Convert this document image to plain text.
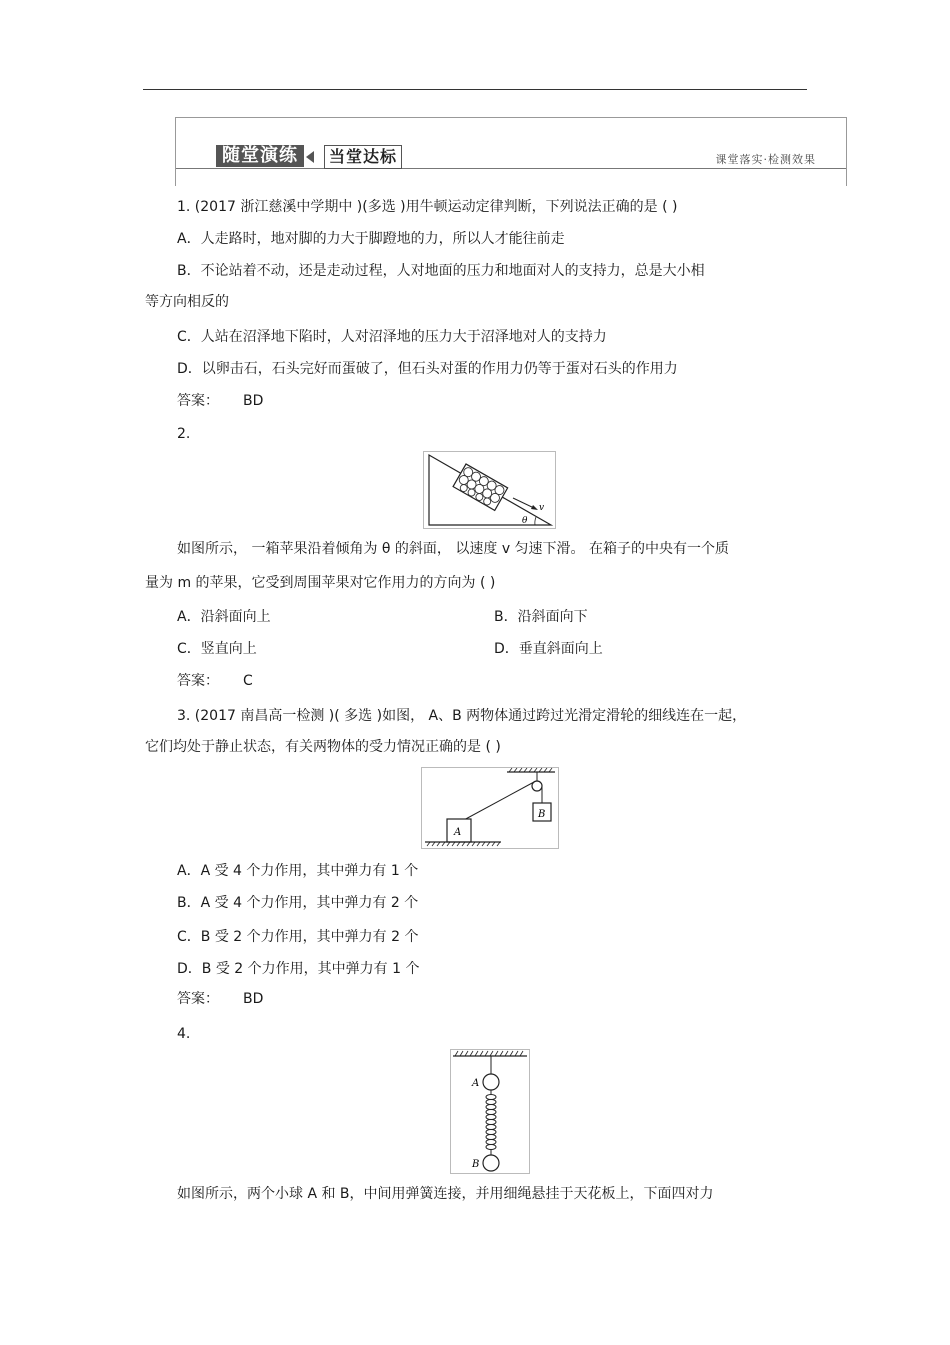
随堂演练	当堂达标	课堂落实·检测效果
1. (2017 浙江慈溪中学期中 )(多选 )用牛顿运动定律判断，下列说法正确的是 ( )
A．人走路时，地对脚的力大于脚蹬地的力，所以人才能往前走
B．不论站着不动，还是走动过程，人对地面的压力和地面对人的支持力，总是大小相
等方向相反的
C．人站在沼泽地下陷时，人对沼泽地的压力大于沼泽地对人的支持力
D．以卵击石，石头完好而蛋破了，但石头对蛋的作用力仍等于蛋对石头的作用力
答案： BD
2.
v
θ
如图所示， 一箱苹果沿着倾角为 θ 的斜面， 以速度 v 匀速下滑。 在箱子的中央有一个质
量为 m 的苹果，它受到周围苹果对它作用力的方向为 ( )
A．沿斜面向上	B．沿斜面向下
C．竖直向上	D．垂直斜面向上
答案： C
3. (2017 南昌高一检测 )( 多选 )如图， A、B 两物体通过跨过光滑定滑轮的细线连在一起，
它们均处于静止状态，有关两物体的受力情况正确的是 ( )
B
A
A．A 受 4 个力作用，其中弹力有 1 个
B．A 受 4 个力作用，其中弹力有 2 个
C．B 受 2 个力作用，其中弹力有 2 个
D．B 受 2 个力作用，其中弹力有 1 个
答案： BD
4.
A
B
如图所示，两个小球 A 和 B，中间用弹簧连接，并用细绳悬挂于天花板上，下面四对力
